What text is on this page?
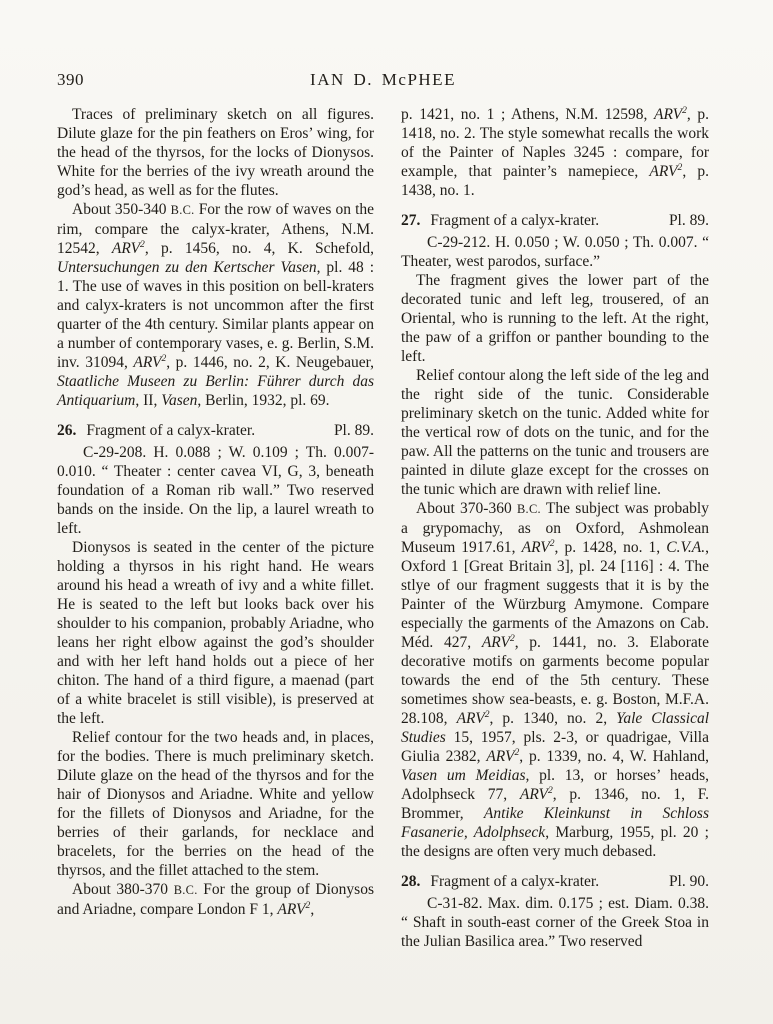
390	IAN D. McPHEE

Traces of preliminary sketch on all figures. Dilute glaze for the pin feathers on Eros’ wing, for the head of the thyrsos, for the locks of Dionysos. White for the berries of the ivy wreath around the god’s head, as well as for the flutes.

About 350-340 B.C. For the row of waves on the rim, compare the calyx-krater, Athens, N.M. 12542, ARV$^2$, p. 1456, no. 4, K. Schefold, Untersuchungen zu den Kertscher Vasen, pl. 48 : 1. The use of waves in this position on bell-kraters and calyx-kraters is not uncommon after the first quarter of the 4th century. Similar plants appear on a number of contemporary vases, e. g. Berlin, S.M. inv. 31094, ARV$^2$, p. 1446, no. 2, K. Neugebauer, Staatliche Museen zu Berlin: Führer durch das Antiquarium, II, Vasen, Berlin, 1932, pl. 69.

26. Fragment of a calyx-krater.	Pl. 89.

C-29-208. H. 0.088 ; W. 0.109 ; Th. 0.007-0.010. “ Theater : center cavea VI, G, 3, beneath foundation of a Roman rib wall.” Two reserved bands on the inside. On the lip, a laurel wreath to left.

Dionysos is seated in the center of the picture holding a thyrsos in his right hand. He wears around his head a wreath of ivy and a white fillet. He is seated to the left but looks back over his shoulder to his companion, probably Ariadne, who leans her right elbow against the god’s shoulder and with her left hand holds out a piece of her chiton. The hand of a third figure, a maenad (part of a white bracelet is still visible), is preserved at the left.

Relief contour for the two heads and, in places, for the bodies. There is much preliminary sketch. Dilute glaze on the head of the thyrsos and for the hair of Dionysos and Ariadne. White and yellow for the fillets of Dionysos and Ariadne, for the berries of their garlands, for necklace and bracelets, for the berries on the head of the thyrsos, and the fillet attached to the stem.

About 380-370 B.C. For the group of Dionysos and Ariadne, compare London F 1, ARV$^2$,

p. 1421, no. 1 ; Athens, N.M. 12598, ARV$^2$, p. 1418, no. 2. The style somewhat recalls the work of the Painter of Naples 3245 : compare, for example, that painter’s namepiece, ARV$^2$, p. 1438, no. 1.

27. Fragment of a calyx-krater.	Pl. 89.

C-29-212. H. 0.050 ; W. 0.050 ; Th. 0.007. “ Theater, west parodos, surface.”

The fragment gives the lower part of the decorated tunic and left leg, trousered, of an Oriental, who is running to the left. At the right, the paw of a griffon or panther bounding to the left.

Relief contour along the left side of the leg and the right side of the tunic. Considerable preliminary sketch on the tunic. Added white for the vertical row of dots on the tunic, and for the paw. All the patterns on the tunic and trousers are painted in dilute glaze except for the crosses on the tunic which are drawn with relief line.

About 370-360 B.C. The subject was probably a grypomachy, as on Oxford, Ashmolean Museum 1917.61, ARV$^2$, p. 1428, no. 1, C.V.A., Oxford 1 [Great Britain 3], pl. 24 [116] : 4. The stlye of our fragment suggests that it is by the Painter of the Würzburg Amymone. Compare especially the garments of the Amazons on Cab. Méd. 427, ARV$^2$, p. 1441, no. 3. Elaborate decorative motifs on garments become popular towards the end of the 5th century. These sometimes show sea-beasts, e. g. Boston, M.F.A. 28.108, ARV$^2$, p. 1340, no. 2, Yale Classical Studies 15, 1957, pls. 2-3, or quadrigae, Villa Giulia 2382, ARV$^2$, p. 1339, no. 4, W. Hahland, Vasen um Meidias, pl. 13, or horses’ heads, Adolphseck 77, ARV$^2$, p. 1346, no. 1, F. Brommer, Antike Kleinkunst in Schloss Fasanerie, Adolphseck, Marburg, 1955, pl. 20 ; the designs are often very much debased.

28. Fragment of a calyx-krater.	Pl. 90.

C-31-82. Max. dim. 0.175 ; est. Diam. 0.38. “ Shaft in south-east corner of the Greek Stoa in the Julian Basilica area.” Two reserved
